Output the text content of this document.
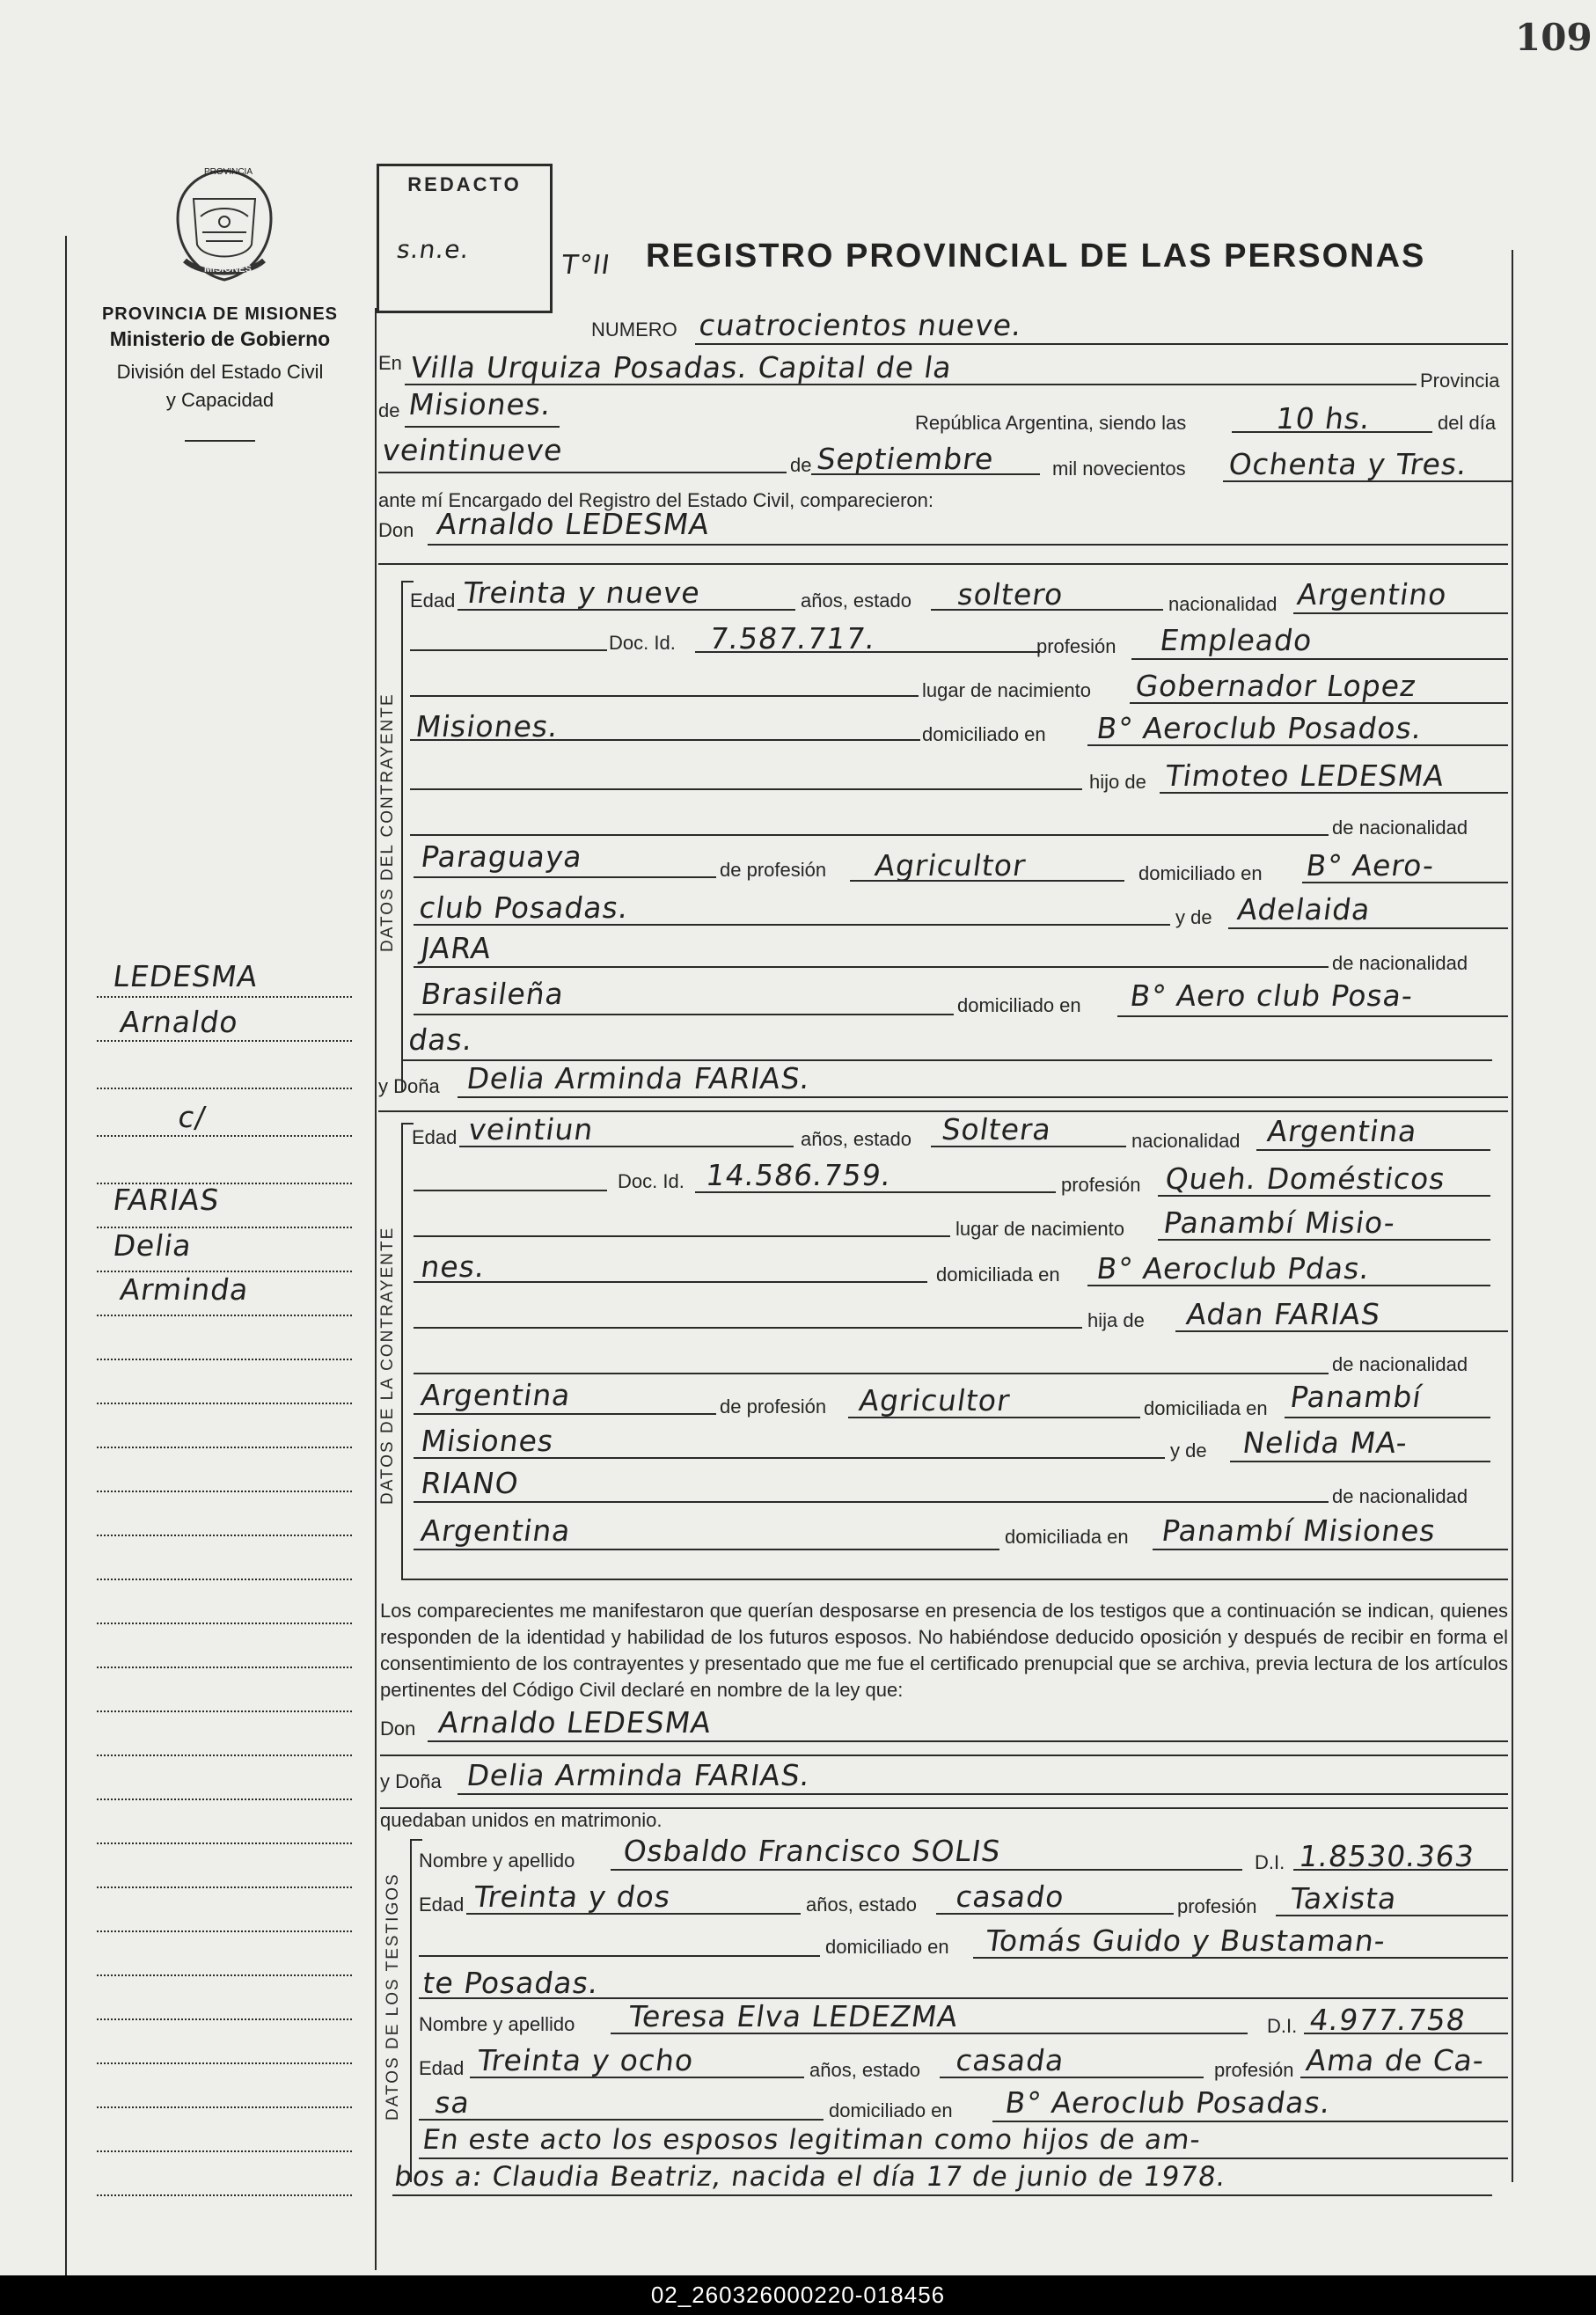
109
PROVINCIA
MISIONES
PROVINCIA DE MISIONES
Ministerio de Gobierno
División del Estado Civil
y Capacidad
REDACTO
s.n.e.
T°II REGISTRO PROVINCIAL DE LAS PERSONAS
NUMERO cuatrocientos nueve.
En Villa Urquiza Posadas. Capital de la	Provincia
de Misiones.
República Argentina, siendo las	10 hs.	del día
veintinueve	de Septiembre	mil novecientos Ochenta y Tres.
ante mí Encargado del Registro del Estado Civil, comparecieron:
Don Arnaldo LEDESMA
DATOS DEL CONTRAYENTE
Edad Treinta y nueve	años, estado soltero	nacionalidad Argentino
Doc. Id. 7.587.717.	profesión Empleado
lugar de nacimiento Gobernador Lopez
Misiones.	domiciliado en B° Aeroclub Posados.
hijo de Timoteo LEDESMA
de nacionalidad
Paraguaya	de profesión Agricultor	domiciliado en B° Aero-
club Posadas.	y de Adelaida
JARA	de nacionalidad
Brasileña	domiciliado en B° Aero club Posa-
das.
y Doña Delia Arminda FARIAS.
DATOS DE LA CONTRAYENTE
Edad veintiun	años, estado Soltera	nacionalidad Argentina
Doc. Id. 14.586.759.	profesión Queh. Domésticos
lugar de nacimiento Panambí Misio-
nes.	domiciliada en B° Aeroclub Pdas.
hija de Adan FARIAS
de nacionalidad
Argentina	de profesión Agricultor	domiciliada en Panambí
Misiones	y de Nelida MA-
RIANO	de nacionalidad
Argentina	domiciliada en Panambí Misiones
Los comparecientes me manifestaron que querían desposarse en presencia de los testigos que a continuación se indican, quienes responden de la identidad y habilidad de los futuros esposos. No habiéndose deducido oposición y después de recibir en forma el consentimiento de los contrayentes y presentado que me fue el certificado prenupcial que se archiva, previa lectura de los artículos pertinentes del Código Civil declaré en nombre de la ley que:
Don Arnaldo LEDESMA
y Doña Delia Arminda FARIAS.
quedaban unidos en matrimonio.
DATOS DE LOS TESTIGOS
Nombre y apellido Osbaldo Francisco SOLIS	D.I. 1.8530.363
Edad Treinta y dos	años, estado casado	profesión Taxista
domiciliado en Tomás Guido y Bustaman-
te Posadas.
Nombre y apellido Teresa Elva LEDEZMA	D.I. 4.977.758
Edad Treinta y ocho	años, estado casada	profesión Ama de Ca-
sa	domiciliado en B° Aeroclub Posadas.
En este acto los esposos legitiman como hijos de am-
bos a: Claudia Beatriz, nacida el día 17 de junio de 1978.
LEDESMA
Arnaldo
c/
FARIAS
Delia
Arminda
02_260326000220-018456
